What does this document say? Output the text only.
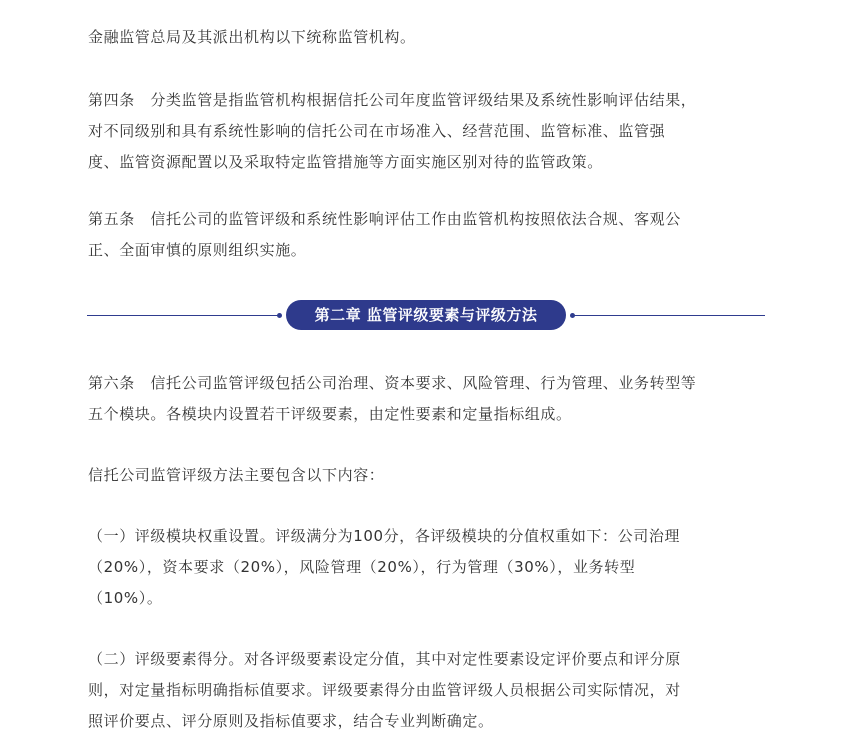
金融监管总局及其派出机构以下统称监管机构。
第四条　分类监管是指监管机构根据信托公司年度监管评级结果及系统性影响评估结果，
对不同级别和具有系统性影响的信托公司在市场准入、经营范围、监管标准、监管强
度、监管资源配置以及采取特定监管措施等方面实施区别对待的监管政策。
第五条　信托公司的监管评级和系统性影响评估工作由监管机构按照依法合规、客观公
正、全面审慎的原则组织实施。
第二章 监管评级要素与评级方法
第六条　信托公司监管评级包括公司治理、资本要求、风险管理、行为管理、业务转型等
五个模块。各模块内设置若干评级要素，由定性要素和定量指标组成。
信托公司监管评级方法主要包含以下内容：
（一）评级模块权重设置。评级满分为100分，各评级模块的分值权重如下：公司治理
（20%），资本要求（20%），风险管理（20%），行为管理（30%），业务转型
（10%）。
（二）评级要素得分。对各评级要素设定分值，其中对定性要素设定评价要点和评分原
则，对定量指标明确指标值要求。评级要素得分由监管评级人员根据公司实际情况，对
照评价要点、评分原则及指标值要求，结合专业判断确定。
